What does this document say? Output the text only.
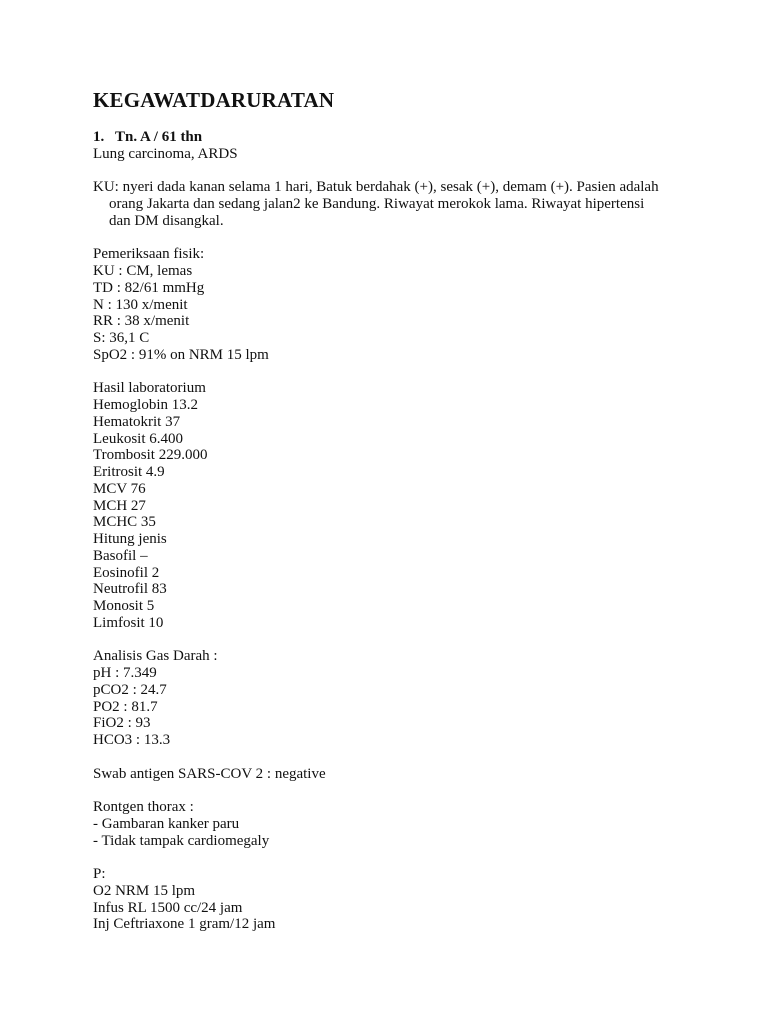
KEGAWATDARURATAN
1. Tn. A / 61 thn
Lung carcinoma, ARDS
KU: nyeri dada kanan selama 1 hari, Batuk berdahak (+), sesak (+), demam (+). Pasien adalah orang Jakarta dan sedang jalan2 ke Bandung. Riwayat merokok lama. Riwayat hipertensi dan DM disangkal.
Pemeriksaan fisik:
KU : CM, lemas
TD : 82/61 mmHg
N : 130 x/menit
RR : 38 x/menit
S: 36,1 C
SpO2 : 91% on NRM 15 lpm
Hasil laboratorium
Hemoglobin 13.2
Hematokrit 37
Leukosit 6.400
Trombosit 229.000
Eritrosit 4.9
MCV 76
MCH 27
MCHC 35
Hitung jenis
Basofil –
Eosinofil 2
Neutrofil 83
Monosit 5
Limfosit 10
Analisis Gas Darah :
pH : 7.349
pCO2 : 24.7
PO2 : 81.7
FiO2 : 93
HCO3 : 13.3
Swab antigen SARS-COV 2 : negative
Rontgen thorax :
- Gambaran kanker paru
- Tidak tampak cardiomegaly
P:
O2 NRM 15 lpm
Infus RL 1500 cc/24 jam
Inj Ceftriaxone 1 gram/12 jam
